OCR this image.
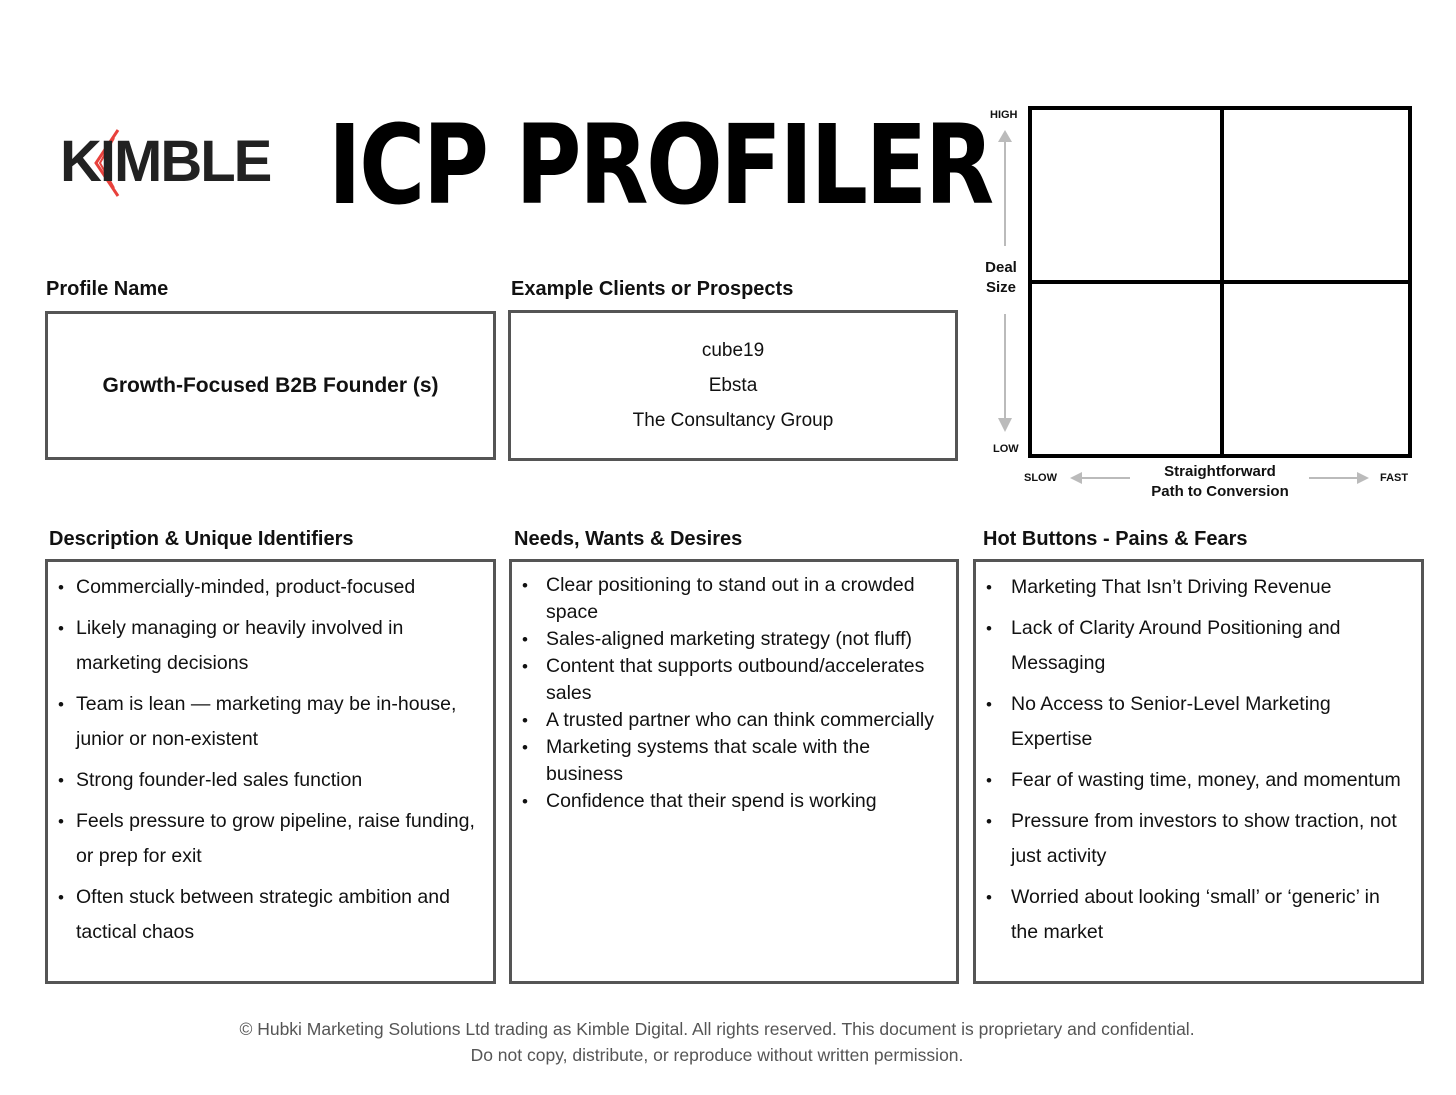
KIMBLE ICP PROFILER
Profile Name
Growth-Focused B2B Founder (s)
Example Clients or Prospects
cube19
Ebsta
The Consultancy Group
HIGH
Deal
Size
LOW
SLOW	Straightforward
Path to Conversion
FAST
Description & Unique Identifiers
• Commercially-minded, product-focused
• Likely managing or heavily involved in marketing decisions
• Team is lean — marketing may be in-house, junior or non-existent
• Strong founder-led sales function
• Feels pressure to grow pipeline, raise funding, or prep for exit
• Often stuck between strategic ambition and tactical chaos
Needs, Wants & Desires
• Clear positioning to stand out in a crowded space
• Sales-aligned marketing strategy (not fluff)
• Content that supports outbound/accelerates sales
• A trusted partner who can think commercially
• Marketing systems that scale with the business
• Confidence that their spend is working
Hot Buttons - Pains & Fears
• Marketing That Isn’t Driving Revenue
• Lack of Clarity Around Positioning and Messaging
• No Access to Senior-Level Marketing Expertise
• Fear of wasting time, money, and momentum
• Pressure from investors to show traction, not just activity
• Worried about looking ‘small’ or ‘generic’ in the market
© Hubki Marketing Solutions Ltd trading as Kimble Digital. All rights reserved. This document is proprietary and confidential.
Do not copy, distribute, or reproduce without written permission.
